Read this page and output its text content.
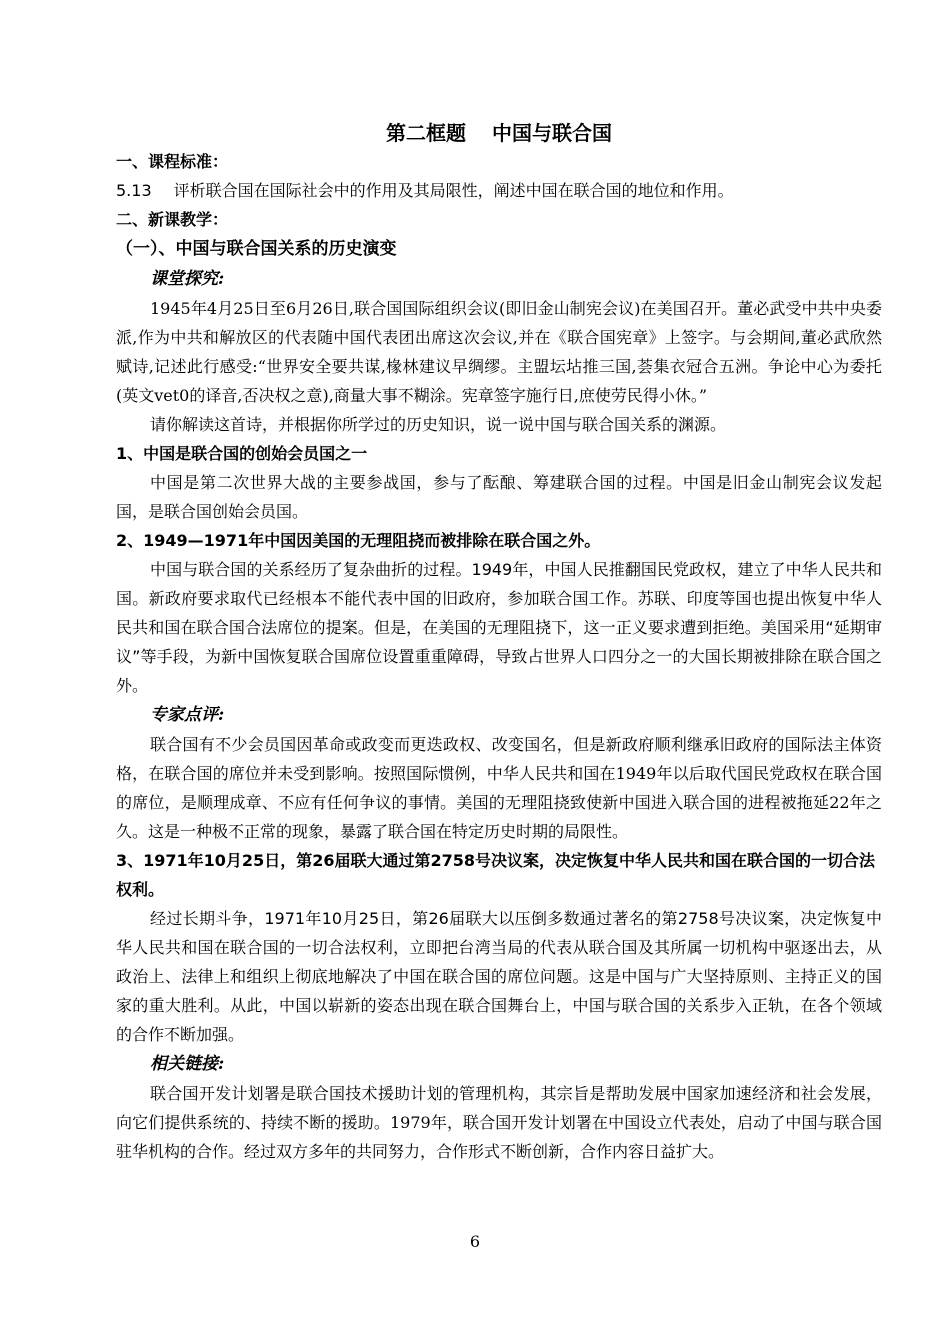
第二框题 中国与联合国
一、课程标准：
5.13 评析联合国在国际社会中的作用及其局限性，阐述中国在联合国的地位和作用。
二、新课教学：
（一）、中国与联合国关系的历史演变
课堂探究:
1945年4月25日至6月26日,联合国国际组织会议(即旧金山制宪会议)在美国召开。董必武受中共中央委派,作为中共和解放区的代表随中国代表团出席这次会议,并在《联合国宪章》上签字。与会期间,董必武欣然赋诗,记述此行感受:“世界安全要共谋,椽林建议早绸缪。主盟坛坫推三国,荟集衣冠合五洲。争论中心为委托(英文vet0的译音,否决权之意),商量大事不糊涂。宪章签字施行日,庶使劳民得小休。”
请你解读这首诗，并根据你所学过的历史知识，说一说中国与联合国关系的渊源。
1、中国是联合国的创始会员国之一
中国是第二次世界大战的主要参战国，参与了酝酿、筹建联合国的过程。中国是旧金山制宪会议发起国，是联合国创始会员国。
2、1949—1971年中国因美国的无理阻挠而被排除在联合国之外。
中国与联合国的关系经历了复杂曲折的过程。1949年，中国人民推翻国民党政权，建立了中华人民共和国。新政府要求取代已经根本不能代表中国的旧政府，参加联合国工作。苏联、印度等国也提出恢复中华人民共和国在联合国合法席位的提案。但是，在美国的无理阻挠下，这一正义要求遭到拒绝。美国采用“延期审议”等手段，为新中国恢复联合国席位设置重重障碍，导致占世界人口四分之一的大国长期被排除在联合国之外。
专家点评:
联合国有不少会员国因革命或政变而更迭政权、改变国名，但是新政府顺利继承旧政府的国际法主体资格，在联合国的席位并未受到影响。按照国际惯例，中华人民共和国在1949年以后取代国民党政权在联合国的席位，是顺理成章、不应有任何争议的事情。美国的无理阻挠致使新中国进入联合国的进程被拖延22年之久。这是一种极不正常的现象，暴露了联合国在特定历史时期的局限性。
3、1971年10月25日，第26届联大通过第2758号决议案，决定恢复中华人民共和国在联合国的一切合法权利。
经过长期斗争，1971年10月25日，第26届联大以压倒多数通过著名的第2758号决议案，决定恢复中华人民共和国在联合国的一切合法权利，立即把台湾当局的代表从联合国及其所属一切机构中驱逐出去，从政治上、法律上和组织上彻底地解决了中国在联合国的席位问题。这是中国与广大坚持原则、主持正义的国家的重大胜利。从此，中国以崭新的姿态出现在联合国舞台上，中国与联合国的关系步入正轨，在各个领域的合作不断加强。
相关链接:
联合国开发计划署是联合国技术援助计划的管理机构，其宗旨是帮助发展中国家加速经济和社会发展，向它们提供系统的、持续不断的援助。1979年，联合国开发计划署在中国设立代表处，启动了中国与联合国驻华机构的合作。经过双方多年的共同努力，合作形式不断创新，合作内容日益扩大。
6
